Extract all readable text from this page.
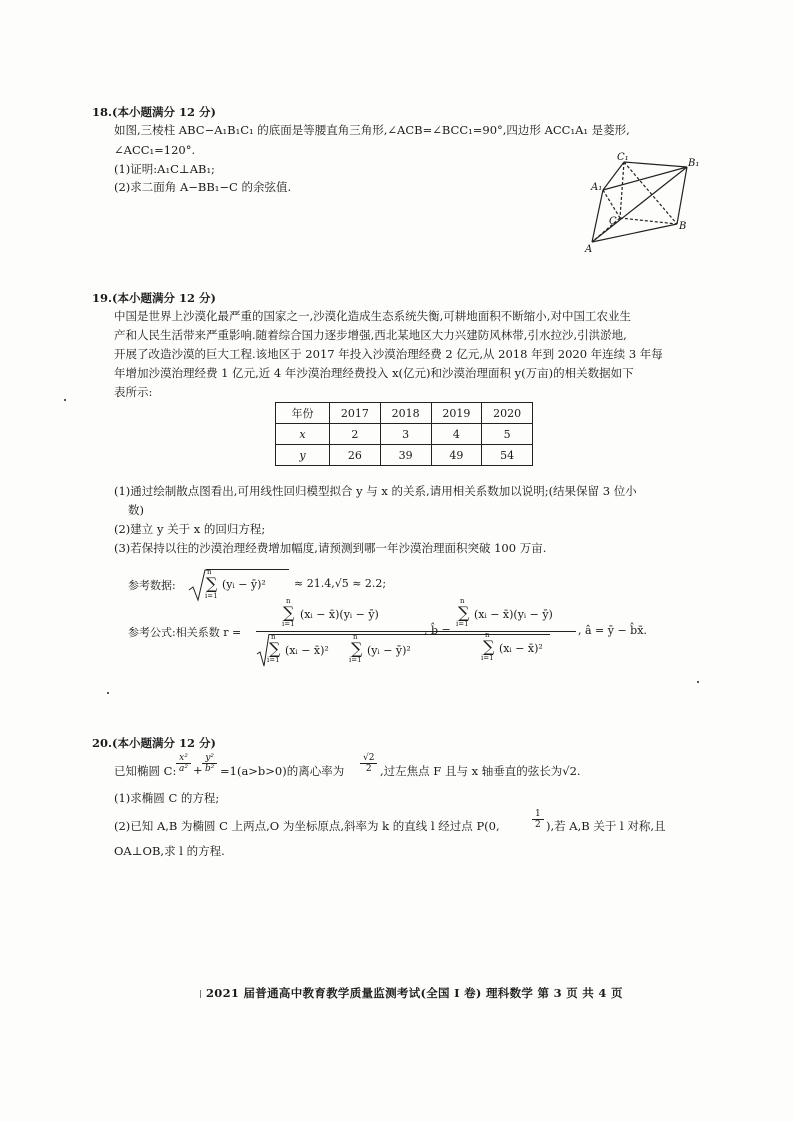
18.(本小题满分 12 分)
如图,三棱柱 ABC−A₁B₁C₁ 的底面是等腰直角三角形,∠ACB=∠BCC₁=90°,四边形 ACC₁A₁ 是菱形,
∠ACC₁=120°.
(1)证明:A₁C⊥AB₁;
(2)求二面角 A−BB₁−C 的余弦值.
C₁
B₁
A₁
C	B
A
19.(本小题满分 12 分)
中国是世界上沙漠化最严重的国家之一,沙漠化造成生态系统失衡,可耕地面积不断缩小,对中国工农业生
产和人民生活带来严重影响.随着综合国力逐步增强,西北某地区大力兴建防风林带,引水拉沙,引洪淤地,
开展了改造沙漠的巨大工程.该地区于 2017 年投入沙漠治理经费 2 亿元,从 2018 年到 2020 年连续 3 年每
年增加沙漠治理经费 1 亿元,近 4 年沙漠治理经费投入 x(亿元)和沙漠治理面积 y(万亩)的相关数据如下
表所示:
年份	2017	2018	2019	2020
x	2	3	4	5
y	26	39	49	54
(1)通过绘制散点图看出,可用线性回归模型拟合 y 与 x 的关系,请用相关系数加以说明;(结果保留 3 位小
数)
(2)建立 y 关于 x 的回归方程;
(3)若保持以往的沙漠治理经费增加幅度,请预测到哪一年沙漠治理面积突破 100 万亩.
参考数据:
n
∑
i=1
(yᵢ − ȳ)²	≈ 21.4,√5 ≈ 2.2;
参考公式:相关系数 r =
n
∑
i=1
(xᵢ − x̄)(yᵢ − ȳ)
n
∑
i=1
(xᵢ − x̄)²
n
∑
i=1
(yᵢ − ȳ)²
, b̂ =
n
∑
i=1
(xᵢ − x̄)(yᵢ − ȳ)
n
∑
i=1
(xᵢ − x̄)²
, â = ȳ − b̂x̄.
20.(本小题满分 12 分)
已知椭圆 C: $\frac{\text{x²}}{\text{a²}} + \frac{\text{y²}}{\text{b²}} =1(a>b>0)$的离心率为 $\frac{√2}{2}$ ,过左焦点 F 且与 x 轴垂直的弦长为√2.
(1)求椭圆 C 的方程;
(2)已知 A,B 为椭圆 C 上两点,O 为坐标原点,斜率为 k 的直线 l 经过点 P(0,	$\frac{1}{2}$ ),若 A,B 关于 l 对称,且
OA⊥OB,求 l 的方程.
2021 届普通高中教育教学质量监测考试(全国 Ⅰ 卷) 理科数学 第 3 页 共 4 页
